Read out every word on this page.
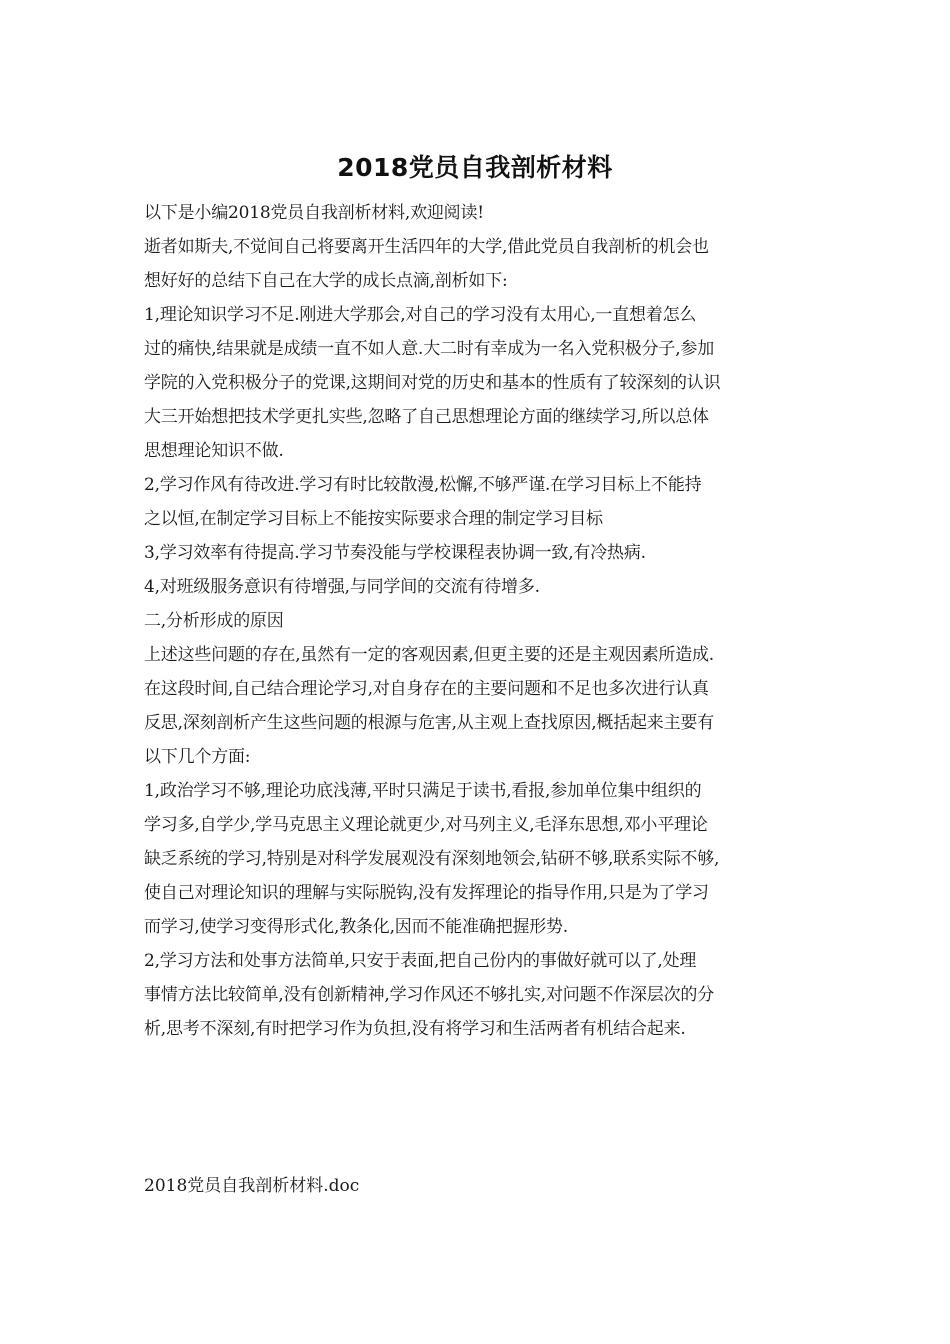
2018党员自我剖析材料

以下是小编2018党员自我剖析材料,欢迎阅读!

逝者如斯夫,不觉间自己将要离开生活四年的大学,借此党员自我剖析的机会也

想好好的总结下自己在大学的成长点滴,剖析如下:

1,理论知识学习不足.刚进大学那会,对自己的学习没有太用心,一直想着怎么

过的痛快,结果就是成绩一直不如人意.大二时有幸成为一名入党积极分子,参加

学院的入党积极分子的党课,这期间对党的历史和基本的性质有了较深刻的认识

大三开始想把技术学更扎实些,忽略了自己思想理论方面的继续学习,所以总体

思想理论知识不做.

2,学习作风有待改进.学习有时比较散漫,松懈,不够严谨.在学习目标上不能持

之以恒,在制定学习目标上不能按实际要求合理的制定学习目标

3,学习效率有待提高.学习节奏没能与学校课程表协调一致,有冷热病.

4,对班级服务意识有待增强,与同学间的交流有待增多.

二,分析形成的原因

上述这些问题的存在,虽然有一定的客观因素,但更主要的还是主观因素所造成.

在这段时间,自己结合理论学习,对自身存在的主要问题和不足也多次进行认真

反思,深刻剖析产生这些问题的根源与危害,从主观上查找原因,概括起来主要有

以下几个方面:

1,政治学习不够,理论功底浅薄,平时只满足于读书,看报,参加单位集中组织的

学习多,自学少,学马克思主义理论就更少,对马列主义,毛泽东思想,邓小平理论

缺乏系统的学习,特别是对科学发展观没有深刻地领会,钻研不够,联系实际不够,

使自己对理论知识的理解与实际脱钩,没有发挥理论的指导作用,只是为了学习

而学习,使学习变得形式化,教条化,因而不能准确把握形势.

2,学习方法和处事方法简单,只安于表面,把自己份内的事做好就可以了,处理

事情方法比较简单,没有创新精神,学习作风还不够扎实,对问题不作深层次的分

析,思考不深刻,有时把学习作为负担,没有将学习和生活两者有机结合起来.

2018党员自我剖析材料.doc
